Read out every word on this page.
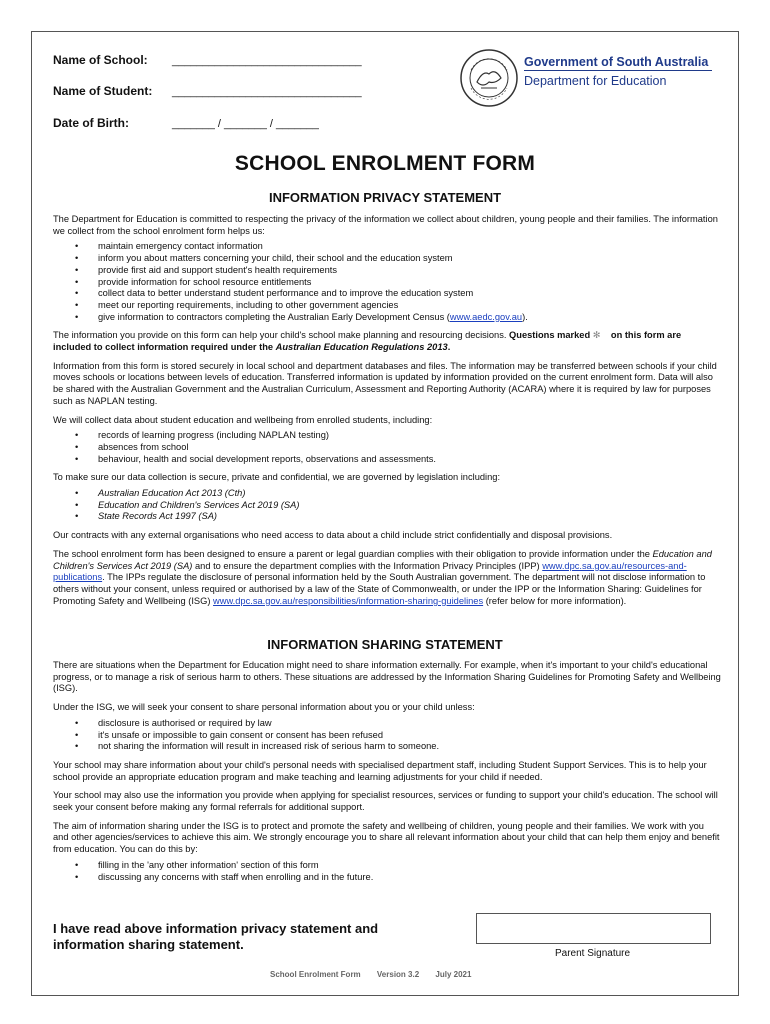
Name of School: _______________________________
Name of Student: _______________________________
Date of Birth:	_______ / _______ / _______
Government of South Australia
Department for Education
SCHOOL ENROLMENT FORM
INFORMATION PRIVACY STATEMENT

The Department for Education is committed to respecting the privacy of the information we collect about children, young people and their families. The information we collect from the school enrolment form helps us:

• maintain emergency contact information
• inform you about matters concerning your child, their school and the education system
• provide first aid and support student's health requirements
• provide information for school resource entitlements
• collect data to better understand student performance and to improve the education system
• meet our reporting requirements, including to other government agencies
• give information to contractors completing the Australian Early Development Census (www.aedc.gov.au).

The information you provide on this form can help your child's school make planning and resourcing decisions. Questions marked ✻ on this form are included to collect information required under the Australian Education Regulations 2013.

Information from this form is stored securely in local school and department databases and files. The information may be transferred between schools if your child moves schools or locations between levels of education. Transferred information is updated by information provided on the current enrolment form. Data will also be shared with the Australian Government and the Australian Curriculum, Assessment and Reporting Authority (ACARA) where it is required by law for purposes such as NAPLAN testing.

We will collect data about student education and wellbeing from enrolled students, including:

• records of learning progress (including NAPLAN testing)
• absences from school
• behaviour, health and social development reports, observations and assessments.

To make sure our data collection is secure, private and confidential, we are governed by legislation including:

• Australian Education Act 2013 (Cth)
• Education and Children's Services Act 2019 (SA)
• State Records Act 1997 (SA)

Our contracts with any external organisations who need access to data about a child include strict confidentially and disposal provisions.

The school enrolment form has been designed to ensure a parent or legal guardian complies with their obligation to provide information under the Education and Children's Services Act 2019 (SA) and to ensure the department complies with the Information Privacy Principles (IPP) www.dpc.sa.gov.au/resources-and-publications. The IPPs regulate the disclosure of personal information held by the South Australian government. The department will not disclose information to others without your consent, unless required or authorised by a law of the State of Commonwealth, or under the IPP or the Information Sharing: Guidelines for Promoting Safety and Wellbeing (ISG) www.dpc.sa.gov.au/responsibilities/information-sharing-guidelines (refer below for more information).

INFORMATION SHARING STATEMENT

There are situations when the Department for Education might need to share information externally. For example, when it's important to your child's educational progress, or to manage a risk of serious harm to others. These situations are addressed by the Information Sharing Guidelines for Promoting Safety and Wellbeing (ISG).

Under the ISG, we will seek your consent to share personal information about you or your child unless:

• disclosure is authorised or required by law
• it's unsafe or impossible to gain consent or consent has been refused
• not sharing the information will result in increased risk of serious harm to someone.

Your school may share information about your child's personal needs with specialised department staff, including Student Support Services. This is to help your school provide an appropriate education program and make teaching and learning adjustments for your child if needed.

Your school may also use the information you provide when applying for specialist resources, services or funding to support your child's education. The school will seek your consent before making any formal referrals for additional support.

The aim of information sharing under the ISG is to protect and promote the safety and wellbeing of children, young people and their families. We work with you and other agencies/services to achieve this aim. We strongly encourage you to share all relevant information about your child that can help them enjoy and benefit from education. You can do this by:

• filling in the 'any other information' section of this form
• discussing any concerns with staff when enrolling and in the future.
I have read above information privacy statement and information sharing statement.
Parent Signature
School Enrolment Form Version 3.2 July 2021
